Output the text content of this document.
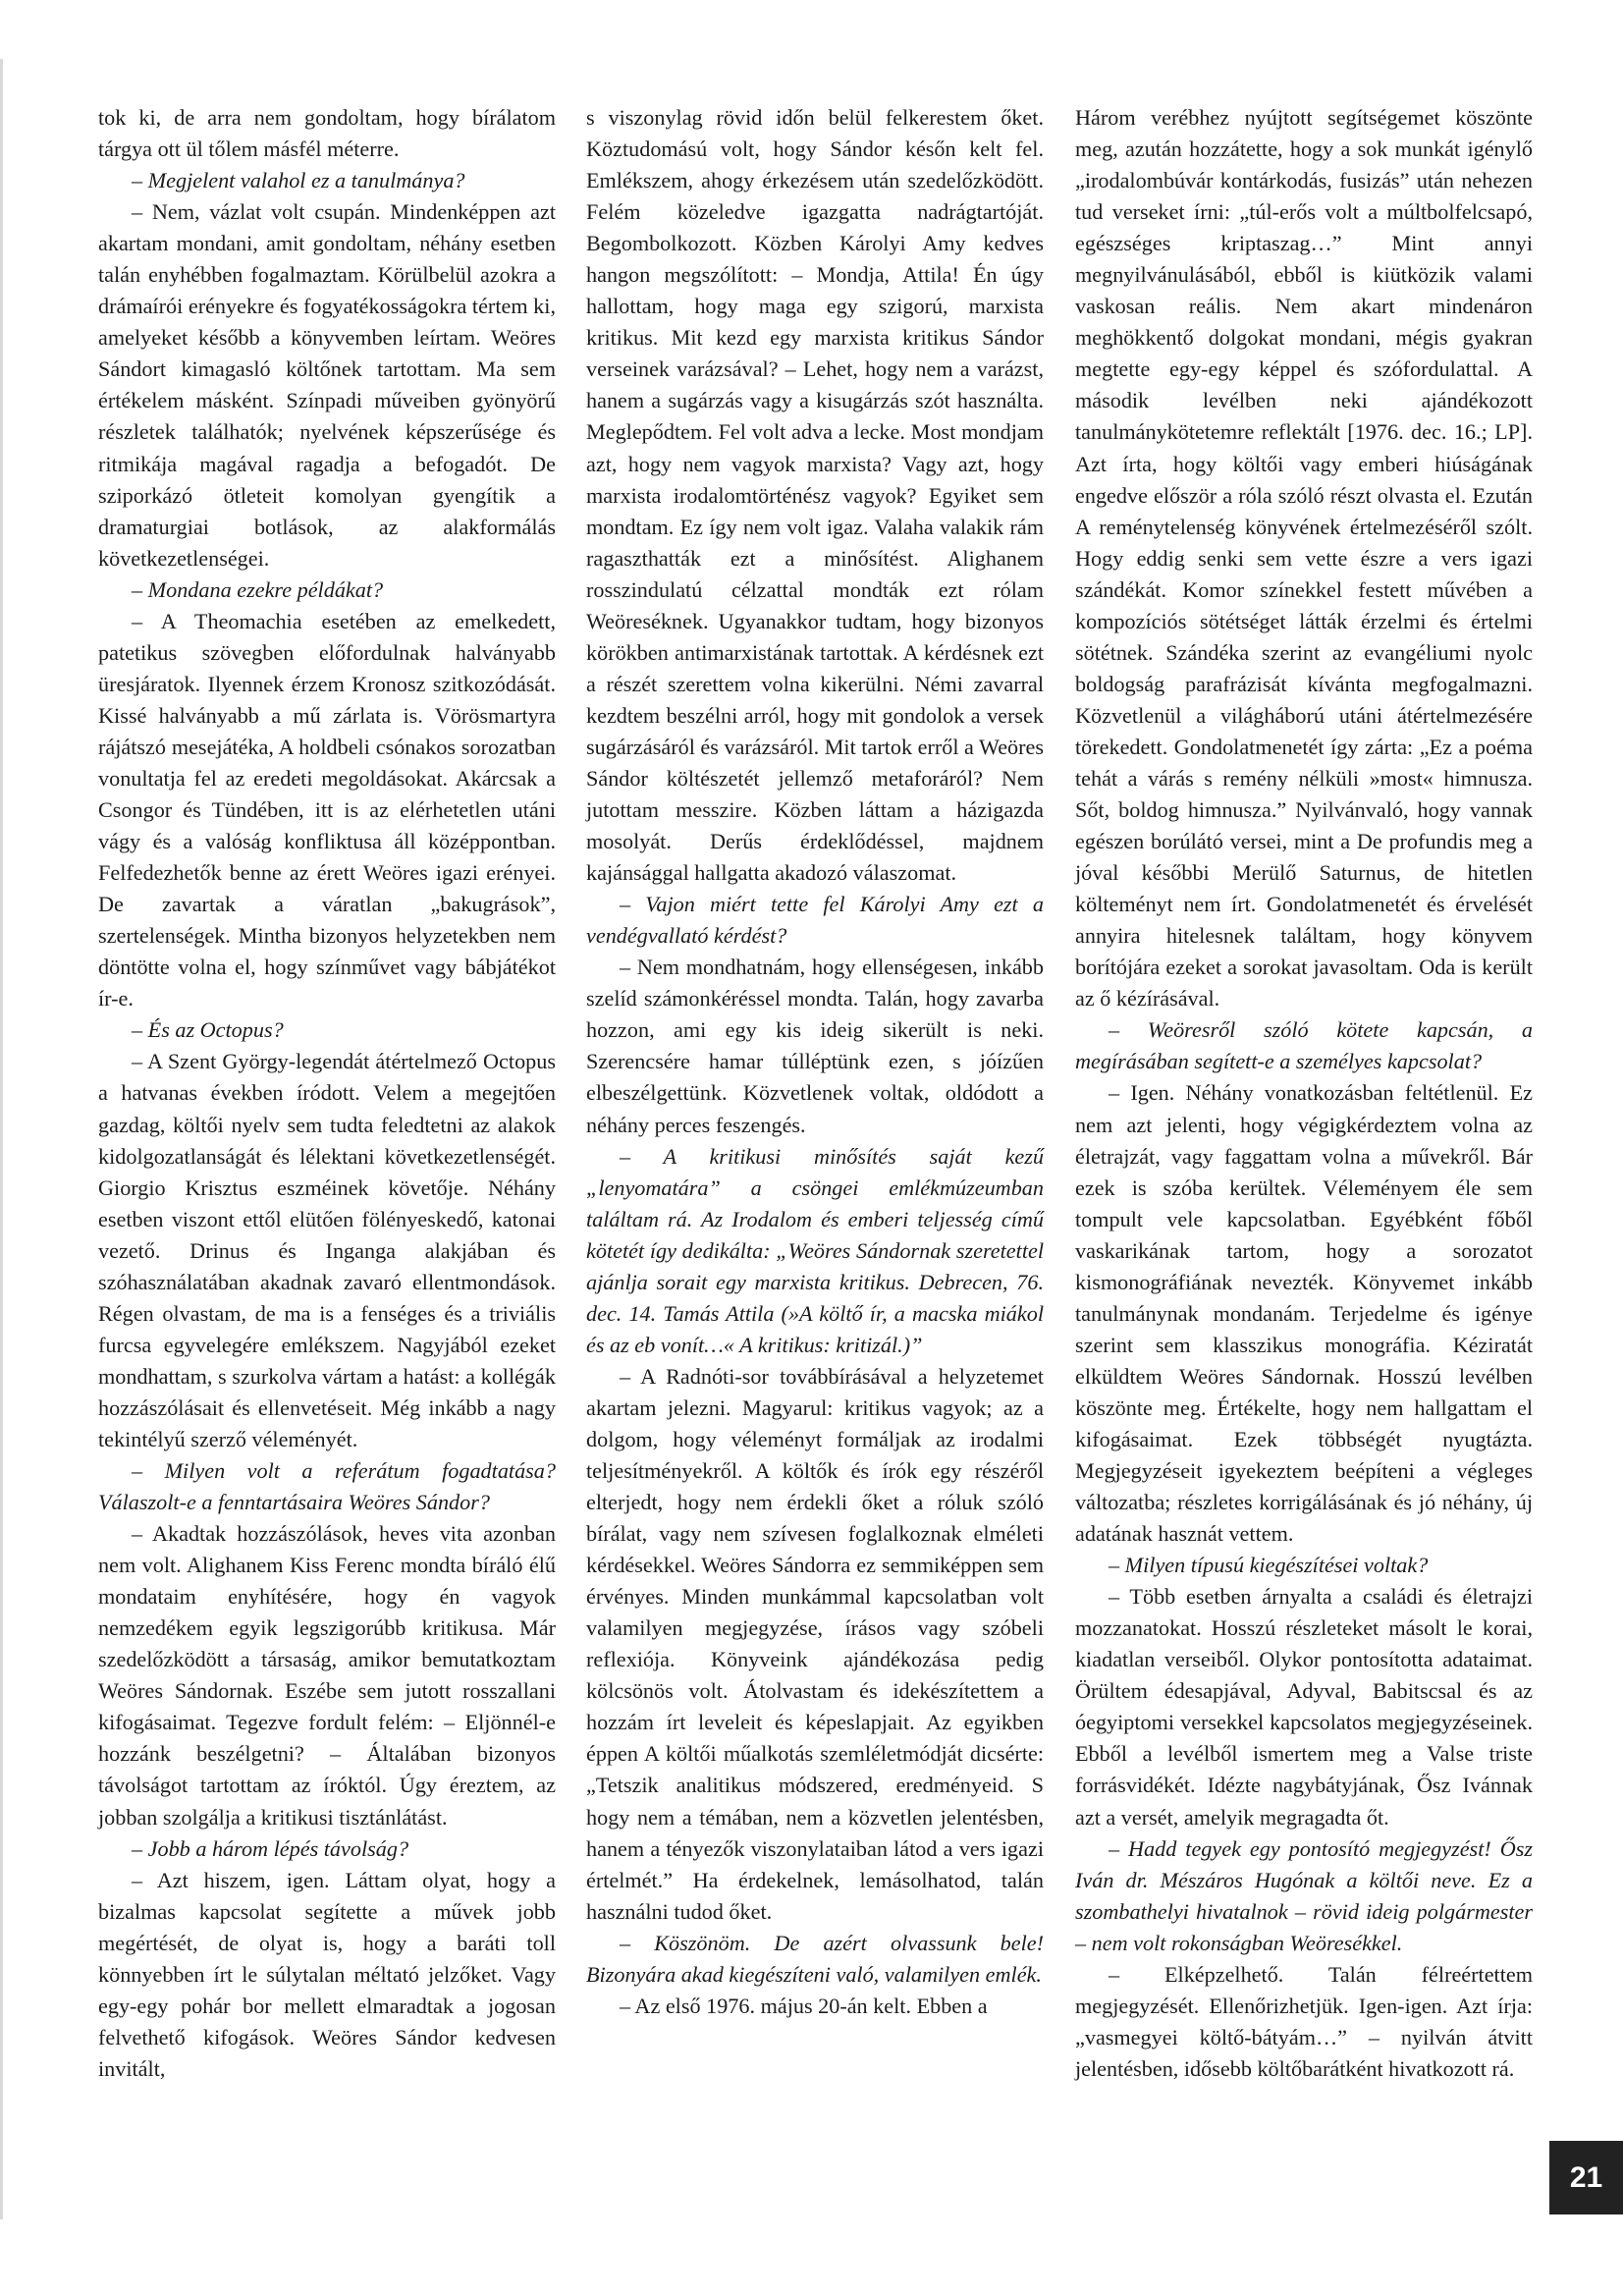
tok ki, de arra nem gondoltam, hogy bírálatom tárgya ott ül tőlem másfél méterre.

– Megjelent valahol ez a tanulmánya?

– Nem, vázlat volt csupán. Mindenképpen azt akartam mondani, amit gondoltam, néhány esetben talán enyhébben fogalmaztam. Körülbelül azokra a drámaírói erényekre és fogyatékosságokra tértem ki, amelyeket később a könyvemben leírtam. Weöres Sándort kimagasló költőnek tartottam. Ma sem értékelem másként. Színpadi műveiben gyönyörű részletek találhatók; nyelvének képszerűsége és ritmikája magával ragadja a befogadót. De sziporkázó ötleteit komolyan gyengítik a dramaturgiai botlások, az alakformálás következetlenségei.

– Mondana ezekre példákat?

– A Theomachia esetében az emelkedett, patetikus szövegben előfordulnak halványabb üresjáratok. Ilyennek érzem Kronosz szitkozódását. Kissé halványabb a mű zárlata is. Vörösmartyra rájátszó mesejátéka, A holdbeli csónakos sorozatban vonultatja fel az eredeti megoldásokat. Akárcsak a Csongor és Tündében, itt is az elérhetetlen utáni vágy és a valóság konfliktusa áll középpontban. Felfedezhetők benne az érett Weöres igazi erényei. De zavartak a váratlan „bakugrások”, szertelenségek. Mintha bizonyos helyzetekben nem döntötte volna el, hogy színművet vagy bábjátékot ír-e.

– És az Octopus?

– A Szent György-legendát átértelmező Octopus a hatvanas években íródott. Velem a megejtően gazdag, költői nyelv sem tudta feledtetni az alakok kidolgozatlanságát és lélektani következetlenségét. Giorgio Krisztus eszméinek követője. Néhány esetben viszont ettől elütően fölényeskedő, katonai vezető. Drinus és Inganga alakjában és szóhasználatában akadnak zavaró ellentmondások. Régen olvastam, de ma is a fenséges és a triviális furcsa egyvelegére emlékszem. Nagyjából ezeket mondhattam, s szurkolva vártam a hatást: a kollégák hozzászólásait és ellenvetéseit. Még inkább a nagy tekintélyű szerző véleményét.

– Milyen volt a referátum fogadtatása? Válaszolt-e a fenntartásaira Weöres Sándor?

– Akadtak hozzászólások, heves vita azonban nem volt. Alighanem Kiss Ferenc mondta bíráló élű mondataim enyhítésére, hogy én vagyok nemzedékem egyik legszigorúbb kritikusa. Már szedelőzködött a társaság, amikor bemutatkoztam Weöres Sándornak. Eszébe sem jutott rosszallani kifogásaimat. Tegezve fordult felém: – Eljönnél-e hozzánk beszélgetni? – Általában bizonyos távolságot tartottam az íróktól. Úgy éreztem, az jobban szolgálja a kritikusi tisztánlátást.

– Jobb a három lépés távolság?

– Azt hiszem, igen. Láttam olyat, hogy a bizalmas kapcsolat segítette a művek jobb megértését, de olyat is, hogy a baráti toll könnyebben írt le súlytalan méltató jelzőket. Vagy egy-egy pohár bor mellett elmaradtak a jogosan felvethető kifogások. Weöres Sándor kedvesen invitált,

s viszonylag rövid időn belül felkerestem őket. Köztudomású volt, hogy Sándor későn kelt fel. Emlékszem, ahogy érkezésem után szedelőzködött. Felém közeledve igazgatta nadrágtartóját. Begombolkozott. Közben Károlyi Amy kedves hangon megszólított: – Mondja, Attila! Én úgy hallottam, hogy maga egy szigorú, marxista kritikus. Mit kezd egy marxista kritikus Sándor verseinek varázsával? – Lehet, hogy nem a varázst, hanem a sugárzás vagy a kisugárzás szót használta. Meglepődtem. Fel volt adva a lecke. Most mondjam azt, hogy nem vagyok marxista? Vagy azt, hogy marxista irodalomtörténész vagyok? Egyiket sem mondtam. Ez így nem volt igaz. Valaha valakik rám ragaszthatták ezt a minősítést. Alighanem rosszindulatú célzattal mondták ezt rólam Weöreséknek. Ugyanakkor tudtam, hogy bizonyos körökben antimarxistának tartottak. A kérdésnek ezt a részét szerettem volna kikerülni. Némi zavarral kezdtem beszélni arról, hogy mit gondolok a versek sugárzásáról és varázsáról. Mit tartok erről a Weöres Sándor költészetét jellemző metaforáról? Nem jutottam messzire. Közben láttam a házigazda mosolyát. Derűs érdeklődéssel, majdnem kajánsággal hallgatta akadozó válaszomat.

– Vajon miért tette fel Károlyi Amy ezt a vendégvallató kérdést?

– Nem mondhatnám, hogy ellenségesen, inkább szelíd számonkéréssel mondta. Talán, hogy zavarba hozzon, ami egy kis ideig sikerült is neki. Szerencsére hamar túlléptünk ezen, s jóízűen elbeszélgettünk. Közvetlenek voltak, oldódott a néhány perces feszengés.

– A kritikusi minősítés saját kezű „lenyomatára” a csöngei emlékmúzeumban találtam rá. Az Irodalom és emberi teljesség című kötetét így dedikálta: „Weöres Sándornak szeretettel ajánlja sorait egy marxista kritikus. Debrecen, 76. dec. 14. Tamás Attila (»A költő ír, a macska miákol és az eb vonít…« A kritikus: kritizál.)”

– A Radnóti-sor továbbírásával a helyzetemet akartam jelezni. Magyarul: kritikus vagyok; az a dolgom, hogy véleményt formáljak az irodalmi teljesítményekről. A költők és írók egy részéről elterjedt, hogy nem érdekli őket a róluk szóló bírálat, vagy nem szívesen foglalkoznak elméleti kérdésekkel. Weöres Sándorra ez semmiképpen sem érvényes. Minden munkámmal kapcsolatban volt valamilyen megjegyzése, írásos vagy szóbeli reflexiója. Könyveink ajándékozása pedig kölcsönös volt. Átolvastam és idekészítettem a hozzám írt leveleit és képeslapjait. Az egyikben éppen A költői műalkotás szemléletmódját dicsérte: „Tetszik analitikus módszered, eredményeid. S hogy nem a témában, nem a közvetlen jelentésben, hanem a tényezők viszonylataiban látod a vers igazi értelmét.” Ha érdekelnek, lemásolhatod, talán használni tudod őket.

– Köszönöm. De azért olvassunk bele! Bizonyára akad kiegészíteni való, valamilyen emlék.

– Az első 1976. május 20-án kelt. Ebben a

Három verébhez nyújtott segítségemet köszönte meg, azután hozzátette, hogy a sok munkát igénylő „irodalombúvár kontárkodás, fusizás” után nehezen tud verseket írni: „túl-erős volt a múltbolfelcsapó, egészséges kriptaszag…” Mint annyi megnyilvánulásából, ebből is kiütközik valami vaskosan reális. Nem akart mindenáron meghökkentő dolgokat mondani, mégis gyakran megtette egy-egy képpel és szófordulattal. A második levélben neki ajándékozott tanulmánykötetemre reflektált [1976. dec. 16.; LP]. Azt írta, hogy költői vagy emberi hiúságának engedve először a róla szóló részt olvasta el. Ezután A reménytelenség könyvének értelmezéséről szólt. Hogy eddig senki sem vette észre a vers igazi szándékát. Komor színekkel festett művében a kompozíciós sötétséget látták érzelmi és értelmi sötétnek. Szándéka szerint az evangéliumi nyolc boldogság parafrázisát kívánta megfogalmazni. Közvetlenül a világháború utáni átértelmezésére törekedett. Gondolatmenetét így zárta: „Ez a poéma tehát a várás s remény nélküli »most« himnusza. Sőt, boldog himnusza.” Nyilvánvaló, hogy vannak egészen borúlátó versei, mint a De profundis meg a jóval későbbi Merülő Saturnus, de hitetlen költeményt nem írt. Gondolatmenetét és érvelését annyira hitelesnek találtam, hogy könyvem borítójára ezeket a sorokat javasoltam. Oda is került az ő kézírásával.

– Weöresről szóló kötete kapcsán, a megírásában segített-e a személyes kapcsolat?

– Igen. Néhány vonatkozásban feltétlenül. Ez nem azt jelenti, hogy végigkérdeztem volna az életrajzát, vagy faggattam volna a művekről. Bár ezek is szóba kerültek. Véleményem éle sem tompult vele kapcsolatban. Egyébként főből vaskarikának tartom, hogy a sorozatot kismonográfiának nevezték. Könyvemet inkább tanulmánynak mondanám. Terjedelme és igénye szerint sem klasszikus monográfia. Kéziratát elküldtem Weöres Sándornak. Hosszú levélben köszönte meg. Értékelte, hogy nem hallgattam el kifogásaimat. Ezek többségét nyugtázta. Megjegyzéseit igyekeztem beépíteni a végleges változatba; részletes korrigálásának és jó néhány, új adatának hasznát vettem.

– Milyen típusú kiegészítései voltak?

– Több esetben árnyalta a családi és életrajzi mozzanatokat. Hosszú részleteket másolt le korai, kiadatlan verseiből. Olykor pontosította adataimat. Örültem édesapjával, Adyval, Babitscsal és az óegyiptomi versekkel kapcsolatos megjegyzéseinek. Ebből a levélből ismertem meg a Valse triste forrásvidékét. Idézte nagybátyjának, Ősz Ivánnak azt a versét, amelyik megragadta őt.

– Hadd tegyek egy pontosító megjegyzést! Ősz Iván dr. Mészáros Hugónak a költői neve. Ez a szombathelyi hivatalnok – rövid ideig polgármester – nem volt rokonságban Weöresékkel.

– Elképzelhető. Talán félreértettem megjegyzését. Ellenőrizhetjük. Igen-igen. Azt írja: „vasmegyei költő-bátyám…” – nyilván átvitt jelentésben, idősebb költőbarátként hivatkozott rá.

21
